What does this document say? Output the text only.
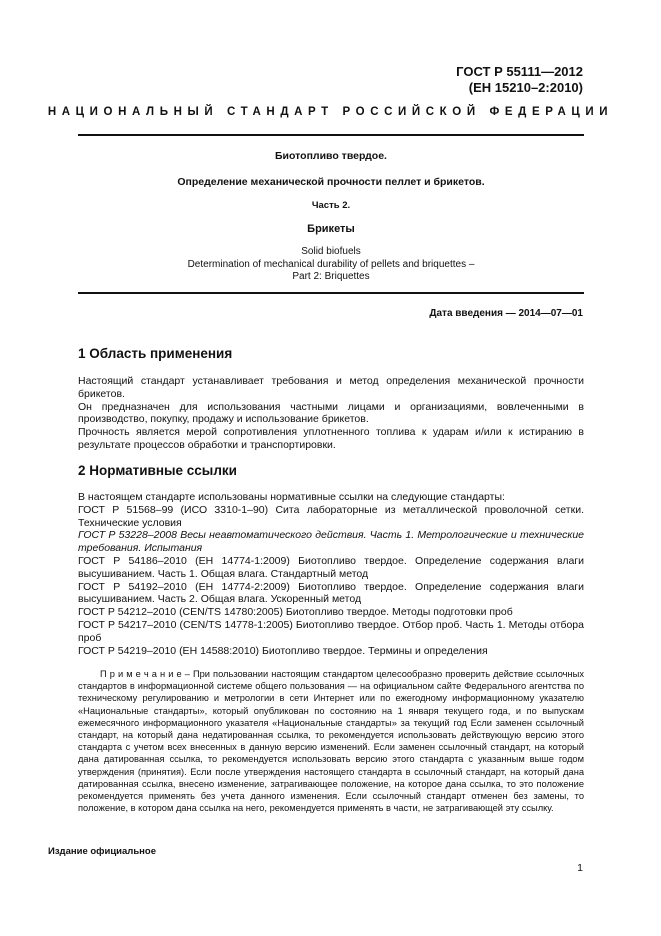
ГОСТ Р 55111—2012
(ЕН 15210–2:2010)
НАЦИОНАЛЬНЫЙ СТАНДАРТ РОССИЙСКОЙ ФЕДЕРАЦИИ
Биотопливо твердое.
Определение механической прочности пеллет и брикетов.
Часть 2.
Брикеты
Solid biofuels
Determination of mechanical durability of pellets and briquettes –
Part 2: Briquettes
Дата введения — 2014—07—01
1 Область применения

Настоящий стандарт устанавливает требования и метод определения механической прочности брикетов.

Он предназначен для использования частными лицами и организациями, вовлеченными в производство, покупку, продажу и использование брикетов.

Прочность является мерой сопротивления уплотненного топлива к ударам и/или к истиранию в результате процессов обработки и транспортировки.

2 Нормативные ссылки

В настоящем стандарте использованы нормативные ссылки на следующие стандарты:

ГОСТ Р 51568–99 (ИСО 3310-1–90) Сита лабораторные из металлической проволочной сетки. Технические условия

ГОСТ Р 53228–2008 Весы неавтоматического действия. Часть 1. Метрологические и технические требования. Испытания

ГОСТ Р 54186–2010 (ЕН 14774-1:2009) Биотопливо твердое. Определение содержания влаги высушиванием. Часть 1. Общая влага. Стандартный метод

ГОСТ Р 54192–2010 (ЕН 14774-2:2009) Биотопливо твердое. Определение содержания влаги высушиванием. Часть 2. Общая влага. Ускоренный метод

ГОСТ Р 54212–2010 (CEN/TS 14780:2005) Биотопливо твердое. Методы подготовки проб

ГОСТ Р 54217–2010 (CEN/TS 14778-1:2005) Биотопливо твердое. Отбор проб. Часть 1. Методы отбора проб

ГОСТ Р 54219–2010 (ЕН 14588:2010) Биотопливо твердое. Термины и определения

П р и м е ч а н и е – При пользовании настоящим стандартом целесообразно проверить действие ссылочных стандартов в информационной системе общего пользования — на официальном сайте Федерального агентства по техническому регулированию и метрологии в сети Интернет или по ежегодному информационному указателю «Национальные стандарты», который опубликован по состоянию на 1 января текущего года, и по выпускам ежемесячного информационного указателя «Национальные стандарты» за текущий год Если заменен ссылочный стандарт, на который дана недатированная ссылка, то рекомендуется использовать действующую версию этого стандарта с учетом всех внесенных в данную версию изменений. Если заменен ссылочный стандарт, на который дана датированная ссылка, то рекомендуется использовать версию этого стандарта с указанным выше годом утверждения (принятия). Если после утверждения настоящего стандарта в ссылочный стандарт, на который дана датированная ссылка, внесено изменение, затрагивающее положение, на которое дана ссылка, то это положение рекомендуется применять без учета данного изменения. Если ссылочный стандарт отменен без замены, то положение, в котором дана ссылка на него, рекомендуется применять в части, не затрагивающей эту ссылку.
Издание официальное
1
